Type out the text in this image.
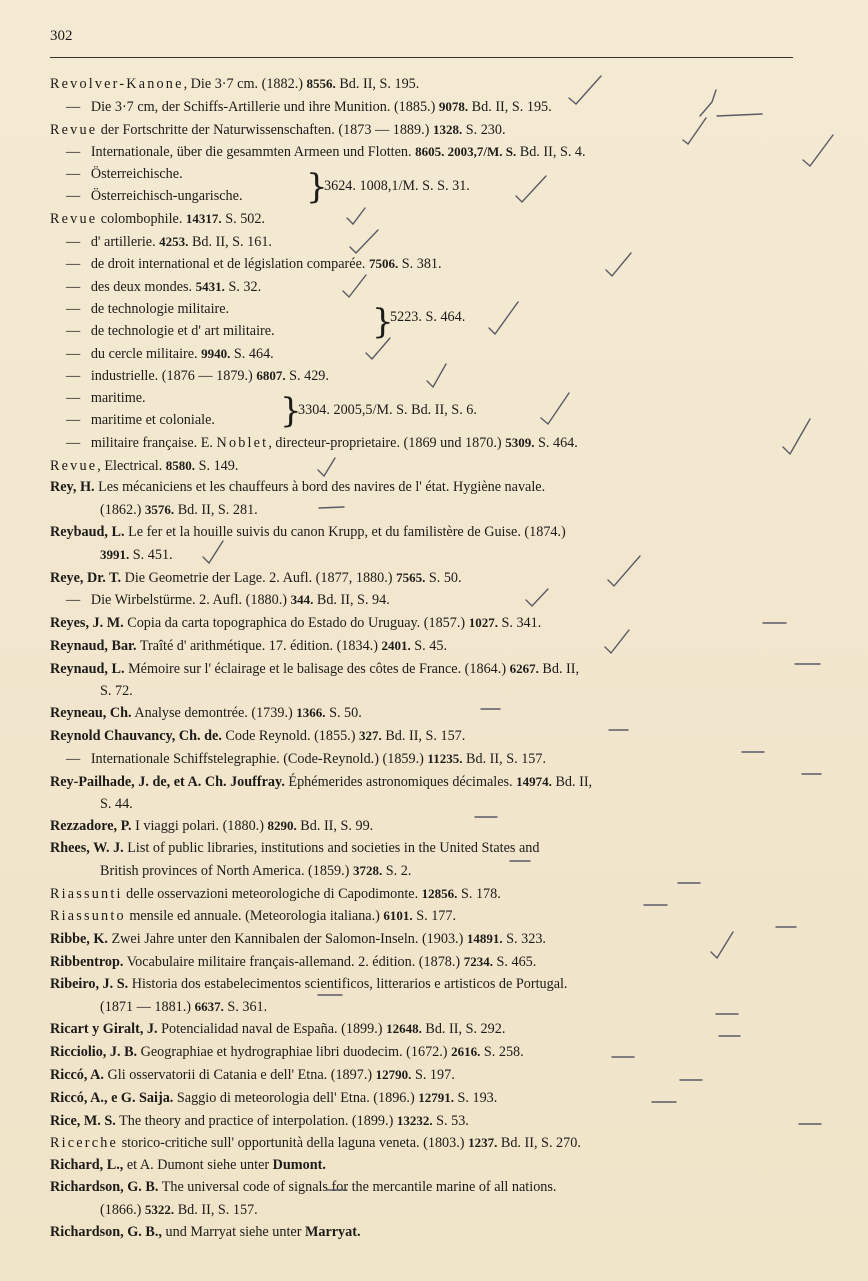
302
Revolver-Kanone, Die 3·7 cm. (1882.) 8556. Bd. II, S. 195.
— Die 3·7 cm, der Schiffs-Artillerie und ihre Munition. (1885.) 9078. Bd. II, S. 195.
Revue der Fortschritte der Naturwissenschaften. (1873 — 1889.) 1328. S. 230.
— Internationale, über die gesammten Armeen und Flotten. 8605. 2003,7/M. S. Bd. II, S. 4.
— Österreichische.
— Österreichisch-ungarische.	}
3624. 1008,1/M. S. S. 31.
Revue colombophile. 14317. S. 502.
— d' artillerie. 4253. Bd. II, S. 161.
— de droit international et de législation comparée. 7506. S. 381.
— des deux mondes. 5431. S. 32.
— de technologie militaire.
— de technologie et d' art militaire.	}
5223. S. 464.
— du cercle militaire. 9940. S. 464.
— industrielle. (1876 — 1879.) 6807. S. 429.
— maritime.
— maritime et coloniale.	}
3304. 2005,5/M. S. Bd. II, S. 6.
— militaire française. E. Noblet, directeur-proprietaire. (1869 und 1870.) 5309. S. 464.
Revue, Electrical. 8580. S. 149.
Rey, H. Les mécaniciens et les chauffeurs à bord des navires de l' état. Hygiène navale.
(1862.) 3576. Bd. II, S. 281.
Reybaud, L. Le fer et la houille suivis du canon Krupp, et du familistère de Guise. (1874.)
3991. S. 451.
Reye, Dr. T. Die Geometrie der Lage. 2. Aufl. (1877, 1880.) 7565. S. 50.
— Die Wirbelstürme. 2. Aufl. (1880.) 344. Bd. II, S. 94.
Reyes, J. M. Copia da carta topographica do Estado do Uruguay. (1857.) 1027. S. 341.
Reynaud, Bar. Traîté d' arithmétique. 17. édition. (1834.) 2401. S. 45.
Reynaud, L. Mémoire sur l' éclairage et le balisage des côtes de France. (1864.) 6267. Bd. II,
S. 72.
Reyneau, Ch. Analyse demontrée. (1739.) 1366. S. 50.
Reynold Chauvancy, Ch. de. Code Reynold. (1855.) 327. Bd. II, S. 157.
— Internationale Schiffstelegraphie. (Code-Reynold.) (1859.) 11235. Bd. II, S. 157.
Rey-Pailhade, J. de, et A. Ch. Jouffray. Éphémerides astronomiques décimales. 14974. Bd. II,
S. 44.
Rezzadore, P. I viaggi polari. (1880.) 8290. Bd. II, S. 99.
Rhees, W. J. List of public libraries, institutions and societies in the United States and
British provinces of North America. (1859.) 3728. S. 2.
Riassunti delle osservazioni meteorologiche di Capodimonte. 12856. S. 178.
Riassunto mensile ed annuale. (Meteorologia italiana.) 6101. S. 177.
Ribbe, K. Zwei Jahre unter den Kannibalen der Salomon-Inseln. (1903.) 14891. S. 323.
Ribbentrop. Vocabulaire militaire français-allemand. 2. édition. (1878.) 7234. S. 465.
Ribeiro, J. S. Historia dos estabelecimentos scientificos, litterarios e artisticos de Portugal.
(1871 — 1881.) 6637. S. 361.
Ricart y Giralt, J. Potencialidad naval de España. (1899.) 12648. Bd. II, S. 292.
Ricciolio, J. B. Geographiae et hydrographiae libri duodecim. (1672.) 2616. S. 258.
Riccó, A. Gli osservatorii di Catania e dell' Etna. (1897.) 12790. S. 197.
Riccó, A., e G. Saija. Saggio di meteorologia dell' Etna. (1896.) 12791. S. 193.
Rice, M. S. The theory and practice of interpolation. (1899.) 13232. S. 53.
Ricerche storico-critiche sull' opportunità della laguna veneta. (1803.) 1237. Bd. II, S. 270.
Richard, L., et A. Dumont siehe unter Dumont.
Richardson, G. B. The universal code of signals for the mercantile marine of all nations.
(1866.) 5322. Bd. II, S. 157.
Richardson, G. B., und Marryat siehe unter Marryat.
